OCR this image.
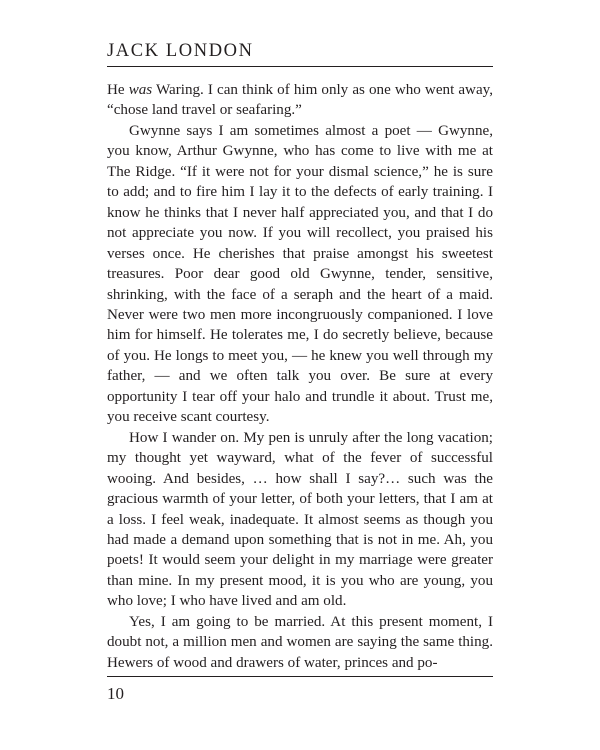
JACK LONDON

He was Waring. I can think of him only as one who went away, “chose land travel or seafaring.”

Gwynne says I am sometimes almost a poet — Gwynne, you know, Arthur Gwynne, who has come to live with me at The Ridge. “If it were not for your dismal science,” he is sure to add; and to fire him I lay it to the defects of early training. I know he thinks that I never half appreciated you, and that I do not appreciate you now. If you will recollect, you praised his verses once. He cherishes that praise amongst his sweetest treasures. Poor dear good old Gwynne, tender, sensitive, shrinking, with the face of a seraph and the heart of a maid. Never were two men more incongruously companioned. I love him for himself. He tolerates me, I do secretly believe, because of you. He longs to meet you, — he knew you well through my father, — and we often talk you over. Be sure at every opportunity I tear off your halo and trundle it about. Trust me, you receive scant courtesy.

How I wander on. My pen is unruly after the long vacation; my thought yet wayward, what of the fever of successful wooing. And besides, … how shall I say?… such was the gracious warmth of your letter, of both your letters, that I am at a loss. I feel weak, inadequate. It almost seems as though you had made a demand upon something that is not in me. Ah, you poets! It would seem your delight in my marriage were greater than mine. In my present mood, it is you who are young, you who love; I who have lived and am old.

Yes, I am going to be married. At this present moment, I doubt not, a million men and women are saying the same thing. Hewers of wood and drawers of water, princes and po-

10
